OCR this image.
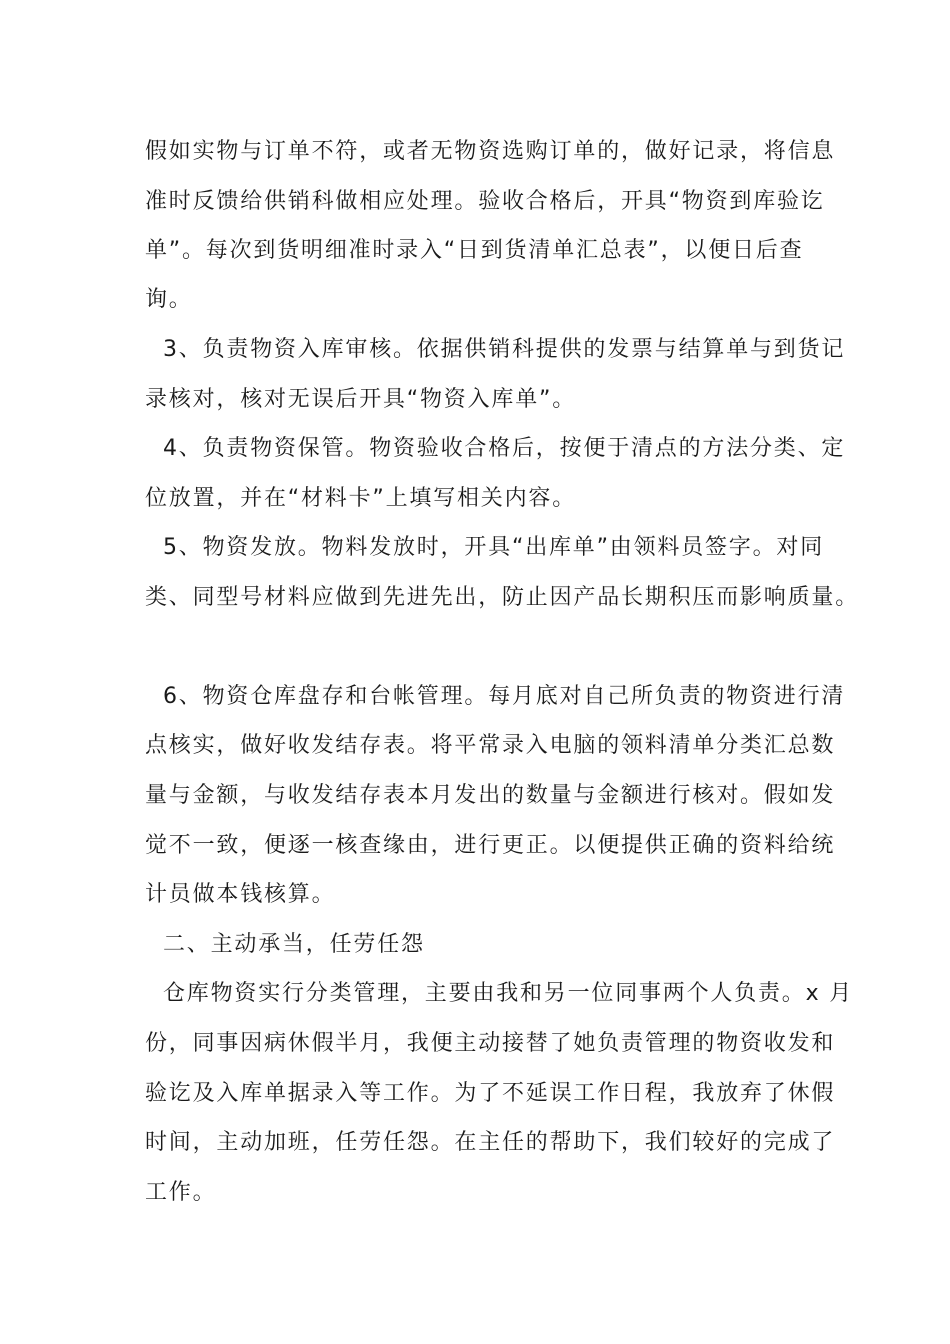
假如实物与订单不符，或者无物资选购订单的，做好记录，将信息

准时反馈给供销科做相应处理。验收合格后，开具“物资到库验讫

单”。每次到货明细准时录入“日到货清单汇总表”，以便日后查

询。

3、负责物资入库审核。依据供销科提供的发票与结算单与到货记

录核对，核对无误后开具“物资入库单”。

4、负责物资保管。物资验收合格后，按便于清点的方法分类、定

位放置，并在“材料卡”上填写相关内容。

5、物资发放。物料发放时，开具“出库单”由领料员签字。对同

类、同型号材料应做到先进先出，防止因产品长期积压而影响质量。

6、物资仓库盘存和台帐管理。每月底对自己所负责的物资进行清

点核实，做好收发结存表。将平常录入电脑的领料清单分类汇总数

量与金额，与收发结存表本月发出的数量与金额进行核对。假如发

觉不一致，便逐一核查缘由，进行更正。以便提供正确的资料给统

计员做本钱核算。

二、主动承当，任劳任怨

仓库物资实行分类管理，主要由我和另一位同事两个人负责。x 月

份，同事因病休假半月，我便主动接替了她负责管理的物资收发和

验讫及入库单据录入等工作。为了不延误工作日程，我放弃了休假

时间，主动加班，任劳任怨。在主任的帮助下，我们较好的完成了

工作。
